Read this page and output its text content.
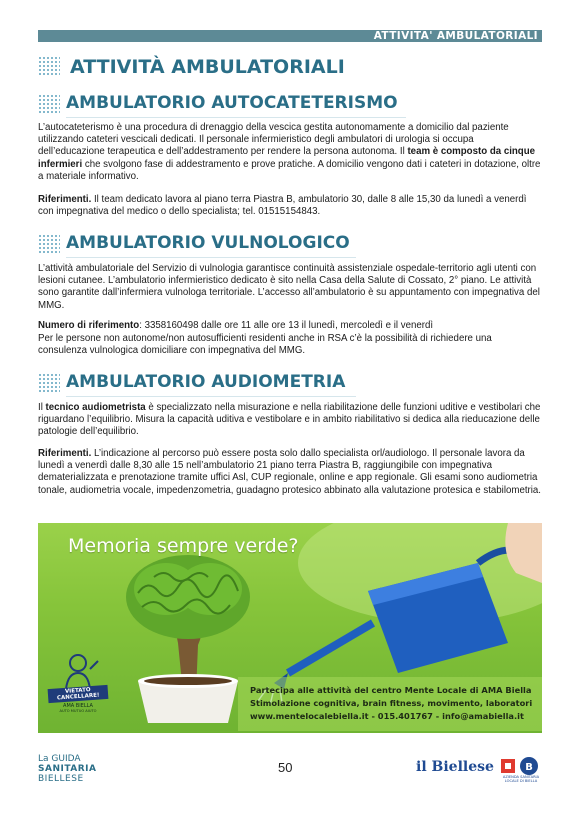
ATTIVITA' AMBULATORIALI
ATTIVITÀ AMBULATORIALI
AMBULATORIO AUTOCATETERISMO
L’autocateterismo è una procedura di drenaggio della vescica gestita autonomamente a domicilio dal paziente utilizzando cateteri vescicali dedicati. Il personale infermieristico degli ambulatori di urologia si occupa dell’educazione terapeutica e dell’addestramento per rendere la persona autonoma. Il team è composto da cinque infermieri che svolgono fase di addestramento e prove pratiche. A domicilio vengono dati i cateteri in dotazione, oltre a materiale informativo.
Riferimenti. Il team dedicato lavora al piano terra Piastra B, ambulatorio 30, dalle 8 alle 15,30 da lunedì a venerdì con impegnativa del medico o dello specialista; tel. 01515154843.
AMBULATORIO VULNOLOGICO
L’attività ambulatoriale del Servizio di vulnologia garantisce continuità assistenziale ospedale-territorio agli utenti con lesioni cutanee. L’ambulatorio infermieristico dedicato è sito nella Casa della Salute di Cossato, 2° piano. Le attività sono garantite dall’infermiera vulnologa territoriale. L’accesso all’ambulatorio è su appuntamento con impegnativa del MMG.
Numero di riferimento: 3358160498 dalle ore 11 alle ore 13 il lunedì, mercoledì e il venerdì
Per le persone non autonome/non autosufficienti residenti anche in RSA c’è la possibilità di richiedere una consulenza vulnologica domiciliare con impegnativa del MMG.
AMBULATORIO AUDIOMETRIA
Il tecnico audiometrista è specializzato nella misurazione e nella riabilitazione delle funzioni uditive e vestibolari che riguardano l’equilibrio. Misura la capacità uditiva e vestibolare e in ambito riabilitativo si dedica alla rieducazione delle patologie dell’equilibrio.
Riferimenti. L’indicazione al percorso può essere posta solo dallo specialista orl/audiologo. Il personale lavora da lunedì a venerdì dalle 8,30 alle 15 nell’ambulatorio 21 piano terra Piastra B, raggiungibile con impegnativa dematerializzata e prenotazione tramite uffici Asl, CUP regionale, online e app regionale. Gli esami sono audiometria tonale, audiometria vocale, impedenzometria, guadagno protesico abbinato alla valutazione protesica e stabilometria.
Memoria sempre verde?
Partecipa alle attività del centro Mente Locale di AMA Biella
Stimolazione cognitiva, brain fitness, movimento, laboratori
www.mentelocalebiella.it - 015.401767 - info@amabiella.it
VIETATO CANCELLARE!
AMA BIELLA
AUTO MUTUO AIUTO
La GUIDA
SANITARIA
BIELLESE
50	il Biellese	B
AZIENDA SANITARIA LOCALE DI BIELLA
